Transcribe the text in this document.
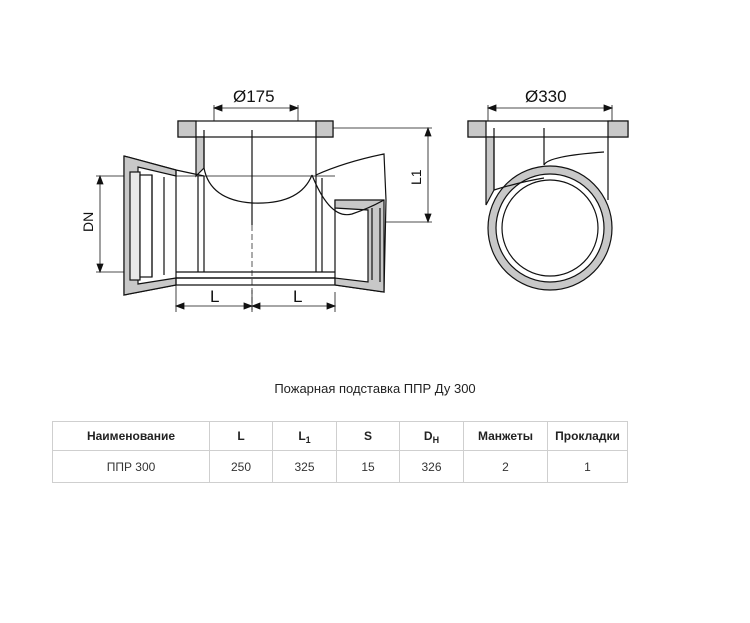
Ø175
DN
L	L
L1
Ø330
Пожарная подставка ППР Ду 300
Наименование	L	$L_1$	S	$D_H$	Манжеты	Прокладки
ППР 300	250	325	15	326	2	1
